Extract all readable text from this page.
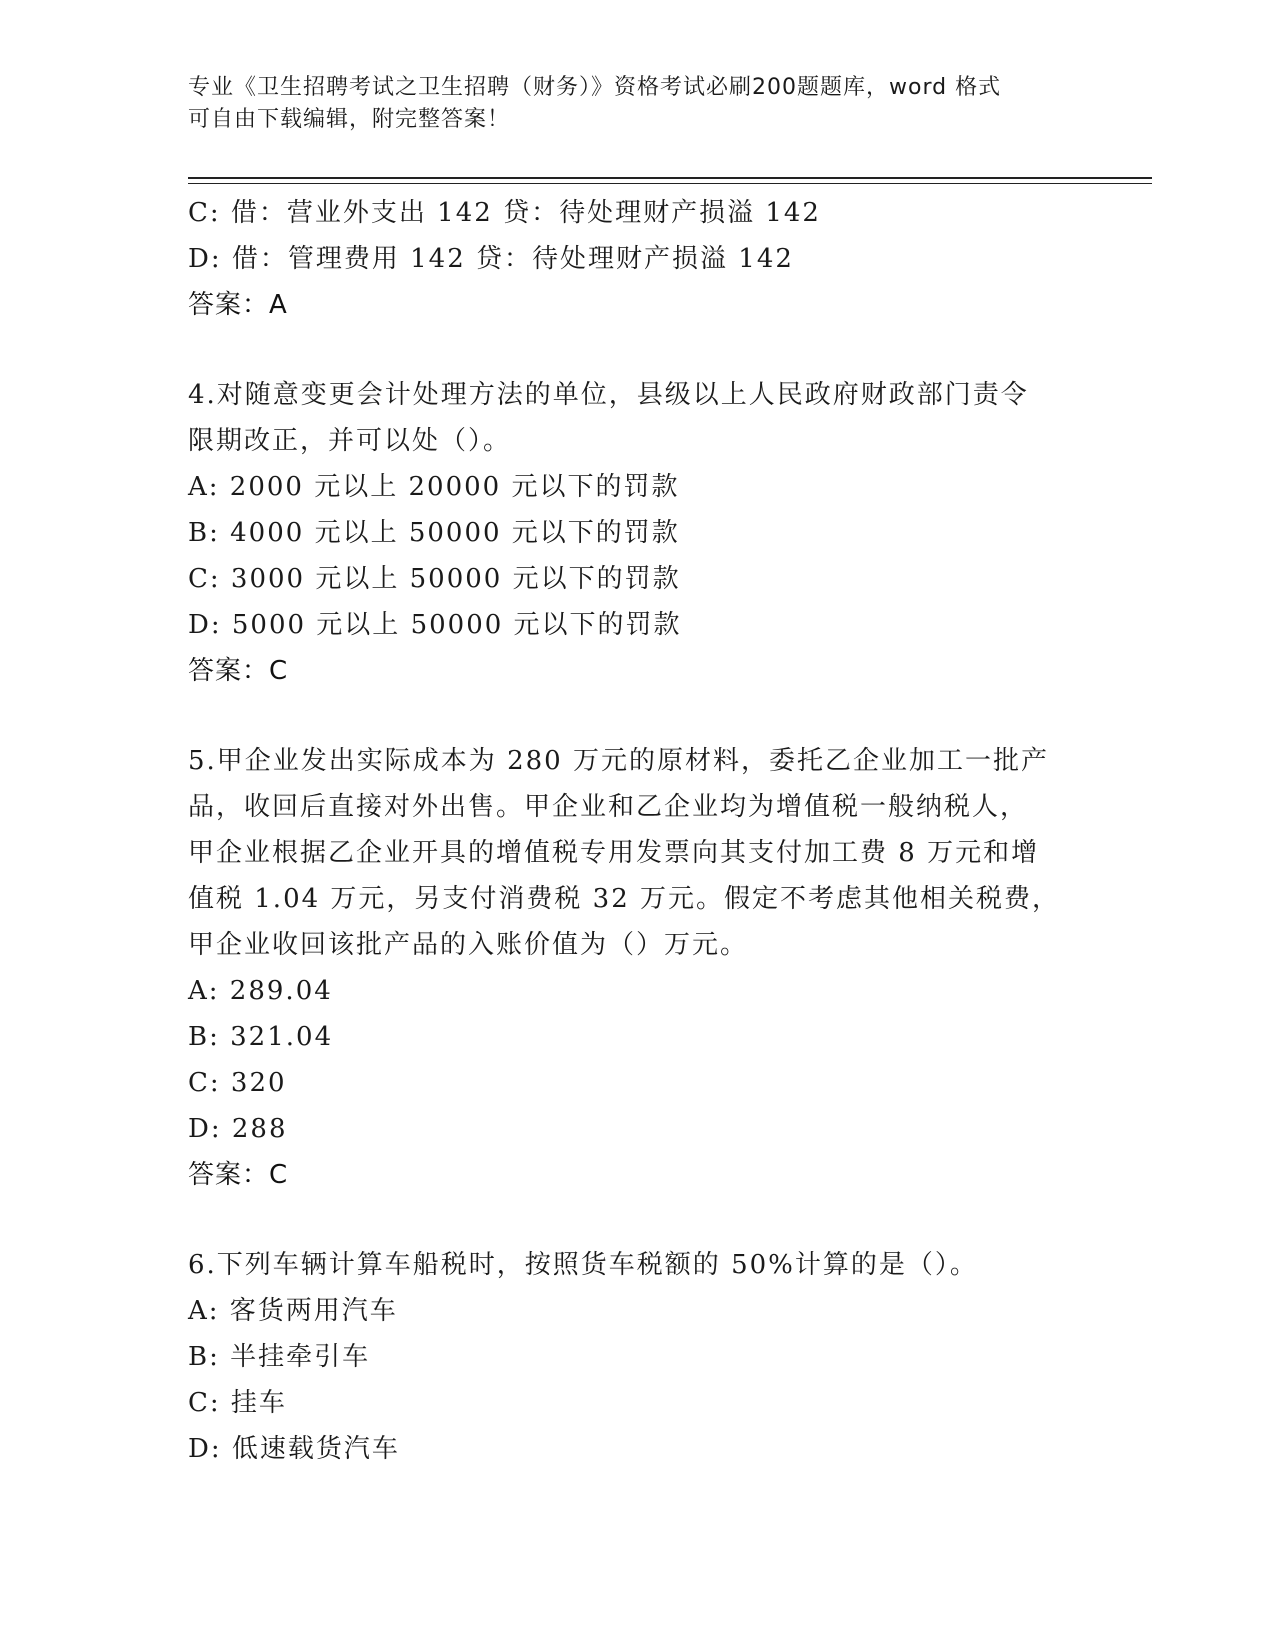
专业《卫生招聘考试之卫生招聘（财务）》资格考试必刷200题题库，word 格式
可自由下载编辑，附完整答案！
C: 借：营业外支出 142 贷：待处理财产损溢 142
D: 借：管理费用 142 贷：待处理财产损溢 142
答案：A
4.对随意变更会计处理方法的单位，县级以上人民政府财政部门责令
限期改正，并可以处（）。
A: 2000 元以上 20000 元以下的罚款
B: 4000 元以上 50000 元以下的罚款
C: 3000 元以上 50000 元以下的罚款
D: 5000 元以上 50000 元以下的罚款
答案：C
5.甲企业发出实际成本为 280 万元的原材料，委托乙企业加工一批产
品，收回后直接对外出售。甲企业和乙企业均为增值税一般纳税人，
甲企业根据乙企业开具的增值税专用发票向其支付加工费 8 万元和增
值税 1.04 万元，另支付消费税 32 万元。假定不考虑其他相关税费，
甲企业收回该批产品的入账价值为（）万元。
A: 289.04
B: 321.04
C: 320
D: 288
答案：C
6.下列车辆计算车船税时，按照货车税额的 50%计算的是（）。
A: 客货两用汽车
B: 半挂牵引车
C: 挂车
D: 低速载货汽车
